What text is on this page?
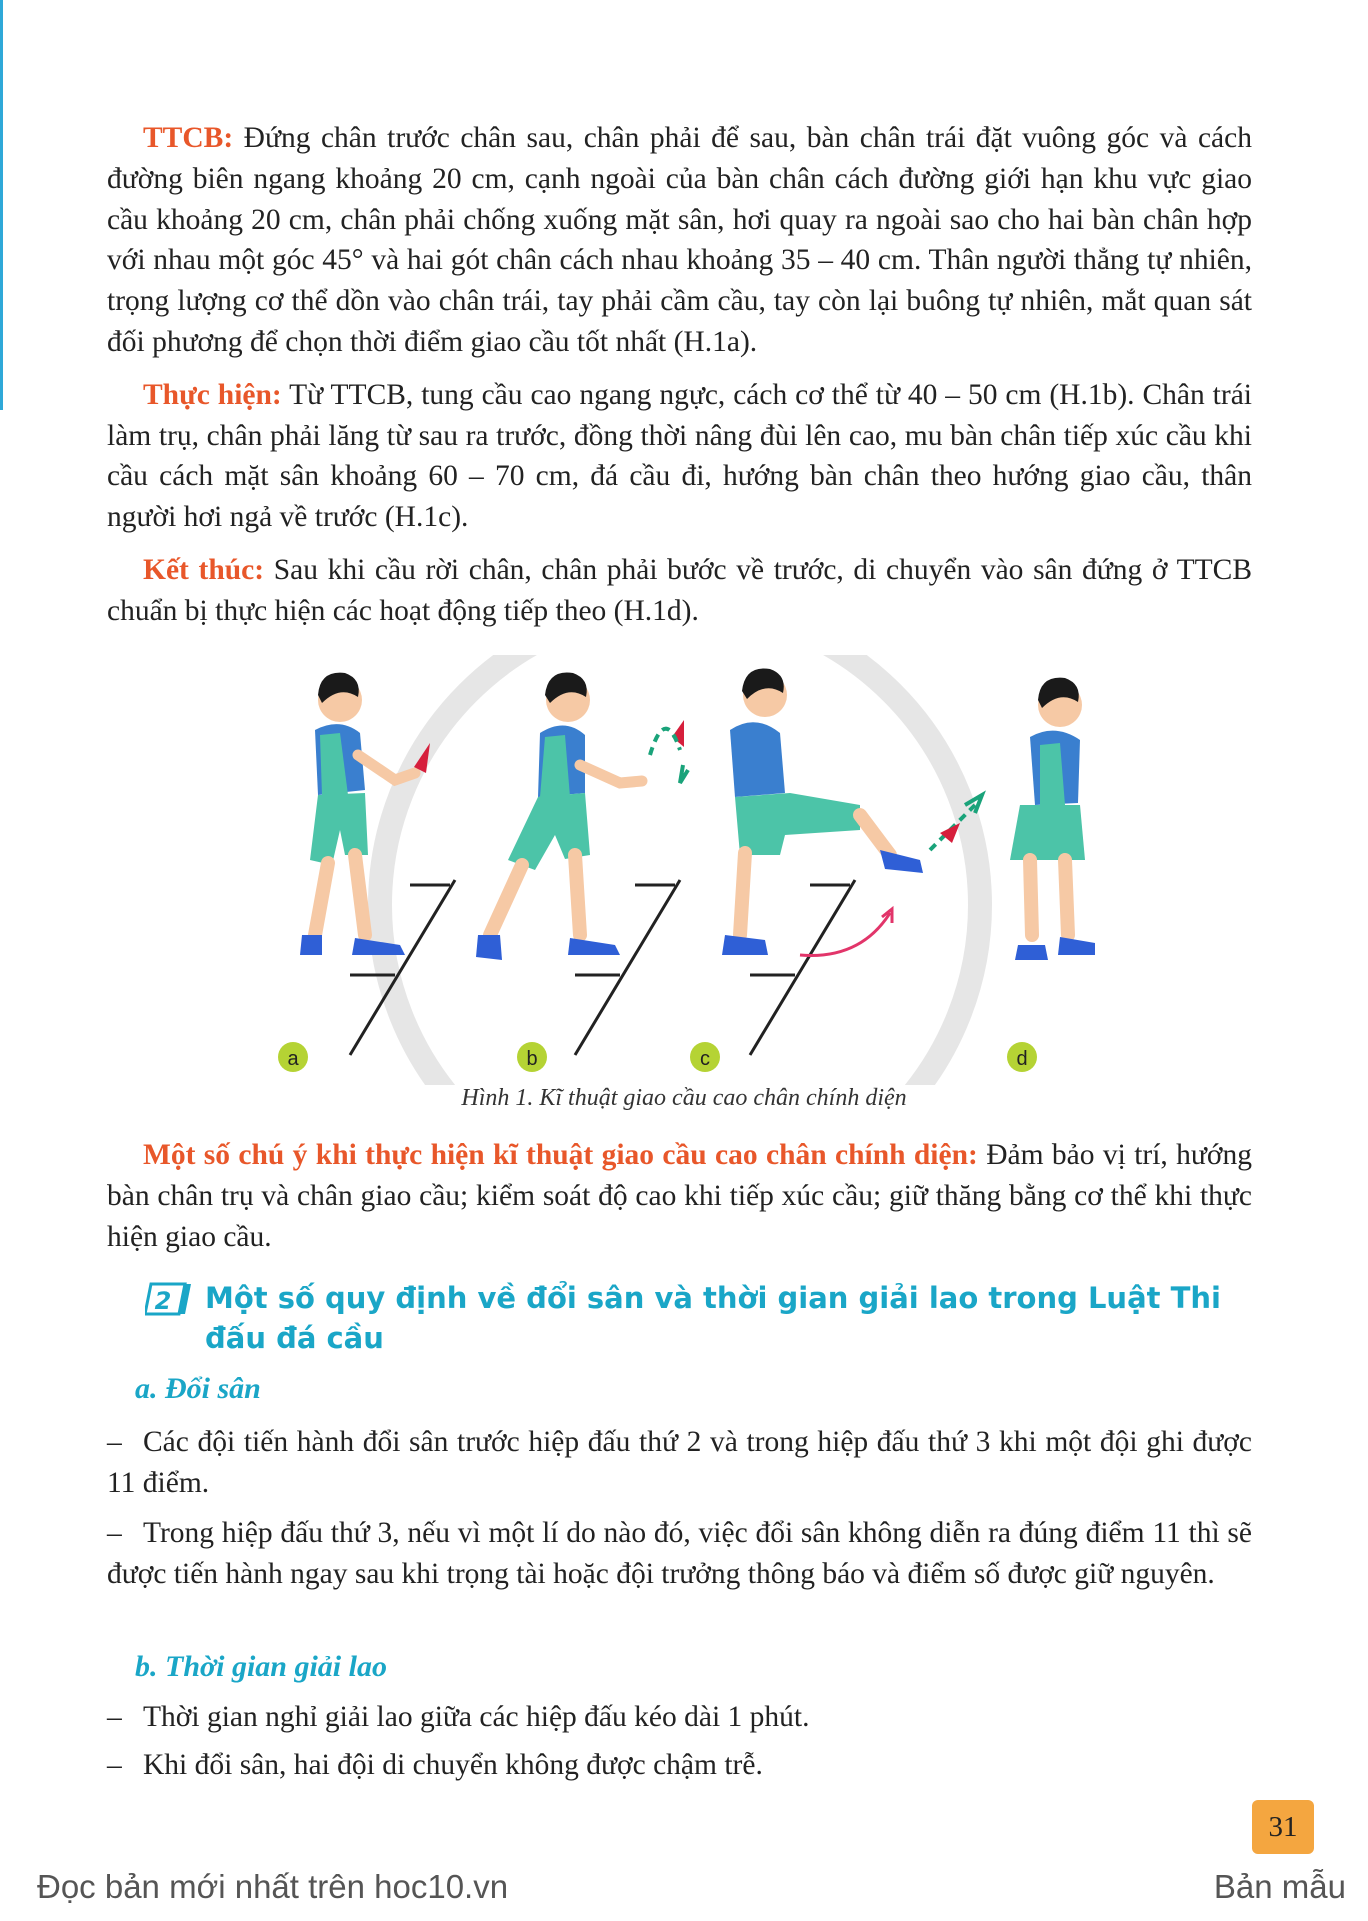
TTCB: Đứng chân trước chân sau, chân phải để sau, bàn chân trái đặt vuông góc và cách đường biên ngang khoảng 20 cm, cạnh ngoài của bàn chân cách đường giới hạn khu vực giao cầu khoảng 20 cm, chân phải chống xuống mặt sân, hơi quay ra ngoài sao cho hai bàn chân hợp với nhau một góc 45° và hai gót chân cách nhau khoảng 35 – 40 cm. Thân người thẳng tự nhiên, trọng lượng cơ thể dồn vào chân trái, tay phải cầm cầu, tay còn lại buông tự nhiên, mắt quan sát đối phương để chọn thời điểm giao cầu tốt nhất (H.1a).

Thực hiện: Từ TTCB, tung cầu cao ngang ngực, cách cơ thể từ 40 – 50 cm (H.1b). Chân trái làm trụ, chân phải lăng từ sau ra trước, đồng thời nâng đùi lên cao, mu bàn chân tiếp xúc cầu khi cầu cách mặt sân khoảng 60 – 70 cm, đá cầu đi, hướng bàn chân theo hướng giao cầu, thân người hơi ngả về trước (H.1c).

Kết thúc: Sau khi cầu rời chân, chân phải bước về trước, di chuyển vào sân đứng ở TTCB chuẩn bị thực hiện các hoạt động tiếp theo (H.1d).

a	b	c	d
Hình 1. Kĩ thuật giao cầu cao chân chính diện

Một số chú ý khi thực hiện kĩ thuật giao cầu cao chân chính diện: Đảm bảo vị trí, hướng bàn chân trụ và chân giao cầu; kiểm soát độ cao khi tiếp xúc cầu; giữ thăng bằng cơ thể khi thực hiện giao cầu.

2 Một số quy định về đổi sân và thời gian giải lao trong Luật Thi đấu đá cầu
a. Đổi sân
– Các đội tiến hành đổi sân trước hiệp đấu thứ 2 và trong hiệp đấu thứ 3 khi một đội ghi được 11 điểm.
– Trong hiệp đấu thứ 3, nếu vì một lí do nào đó, việc đổi sân không diễn ra đúng điểm 11 thì sẽ được tiến hành ngay sau khi trọng tài hoặc đội trưởng thông báo và điểm số được giữ nguyên.
b. Thời gian giải lao
– Thời gian nghỉ giải lao giữa các hiệp đấu kéo dài 1 phút.
– Khi đổi sân, hai đội di chuyển không được chậm trễ.
31
Đọc bản mới nhất trên hoc10.vn	Bản mẫu
